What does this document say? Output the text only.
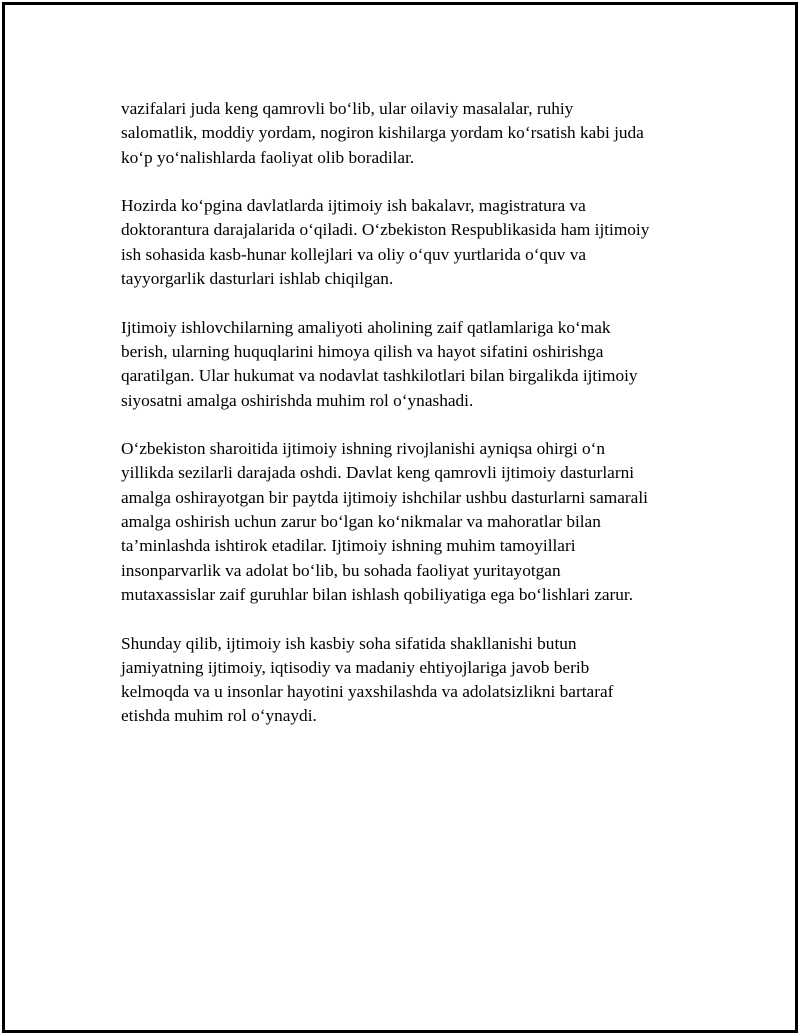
vazifalari juda keng qamrovli bo‘lib, ular oilaviy masalalar, ruhiy
salomatlik, moddiy yordam, nogiron kishilarga yordam ko‘rsatish kabi juda
ko‘p yo‘nalishlarda faoliyat olib boradilar.

Hozirda ko‘pgina davlatlarda ijtimoiy ish bakalavr, magistratura va
doktorantura darajalarida o‘qiladi. O‘zbekiston Respublikasida ham ijtimoiy
ish sohasida kasb-hunar kollejlari va oliy o‘quv yurtlarida o‘quv va
tayyorgarlik dasturlari ishlab chiqilgan.

Ijtimoiy ishlovchilarning amaliyoti aholining zaif qatlamlariga ko‘mak
berish, ularning huquqlarini himoya qilish va hayot sifatini oshirishga
qaratilgan. Ular hukumat va nodavlat tashkilotlari bilan birgalikda ijtimoiy
siyosatni amalga oshirishda muhim rol o‘ynashadi.

O‘zbekiston sharoitida ijtimoiy ishning rivojlanishi ayniqsa ohirgi o‘n
yillikda sezilarli darajada oshdi. Davlat keng qamrovli ijtimoiy dasturlarni
amalga oshirayotgan bir paytda ijtimoiy ishchilar ushbu dasturlarni samarali
amalga oshirish uchun zarur bo‘lgan ko‘nikmalar va mahoratlar bilan
ta’minlashda ishtirok etadilar. Ijtimoiy ishning muhim tamoyillari
insonparvarlik va adolat bo‘lib, bu sohada faoliyat yuritayotgan
mutaxassislar zaif guruhlar bilan ishlash qobiliyatiga ega bo‘lishlari zarur.

Shunday qilib, ijtimoiy ish kasbiy soha sifatida shakllanishi butun
jamiyatning ijtimoiy, iqtisodiy va madaniy ehtiyojlariga javob berib
kelmoqda va u insonlar hayotini yaxshilashda va adolatsizlikni bartaraf
etishda muhim rol o‘ynaydi.
